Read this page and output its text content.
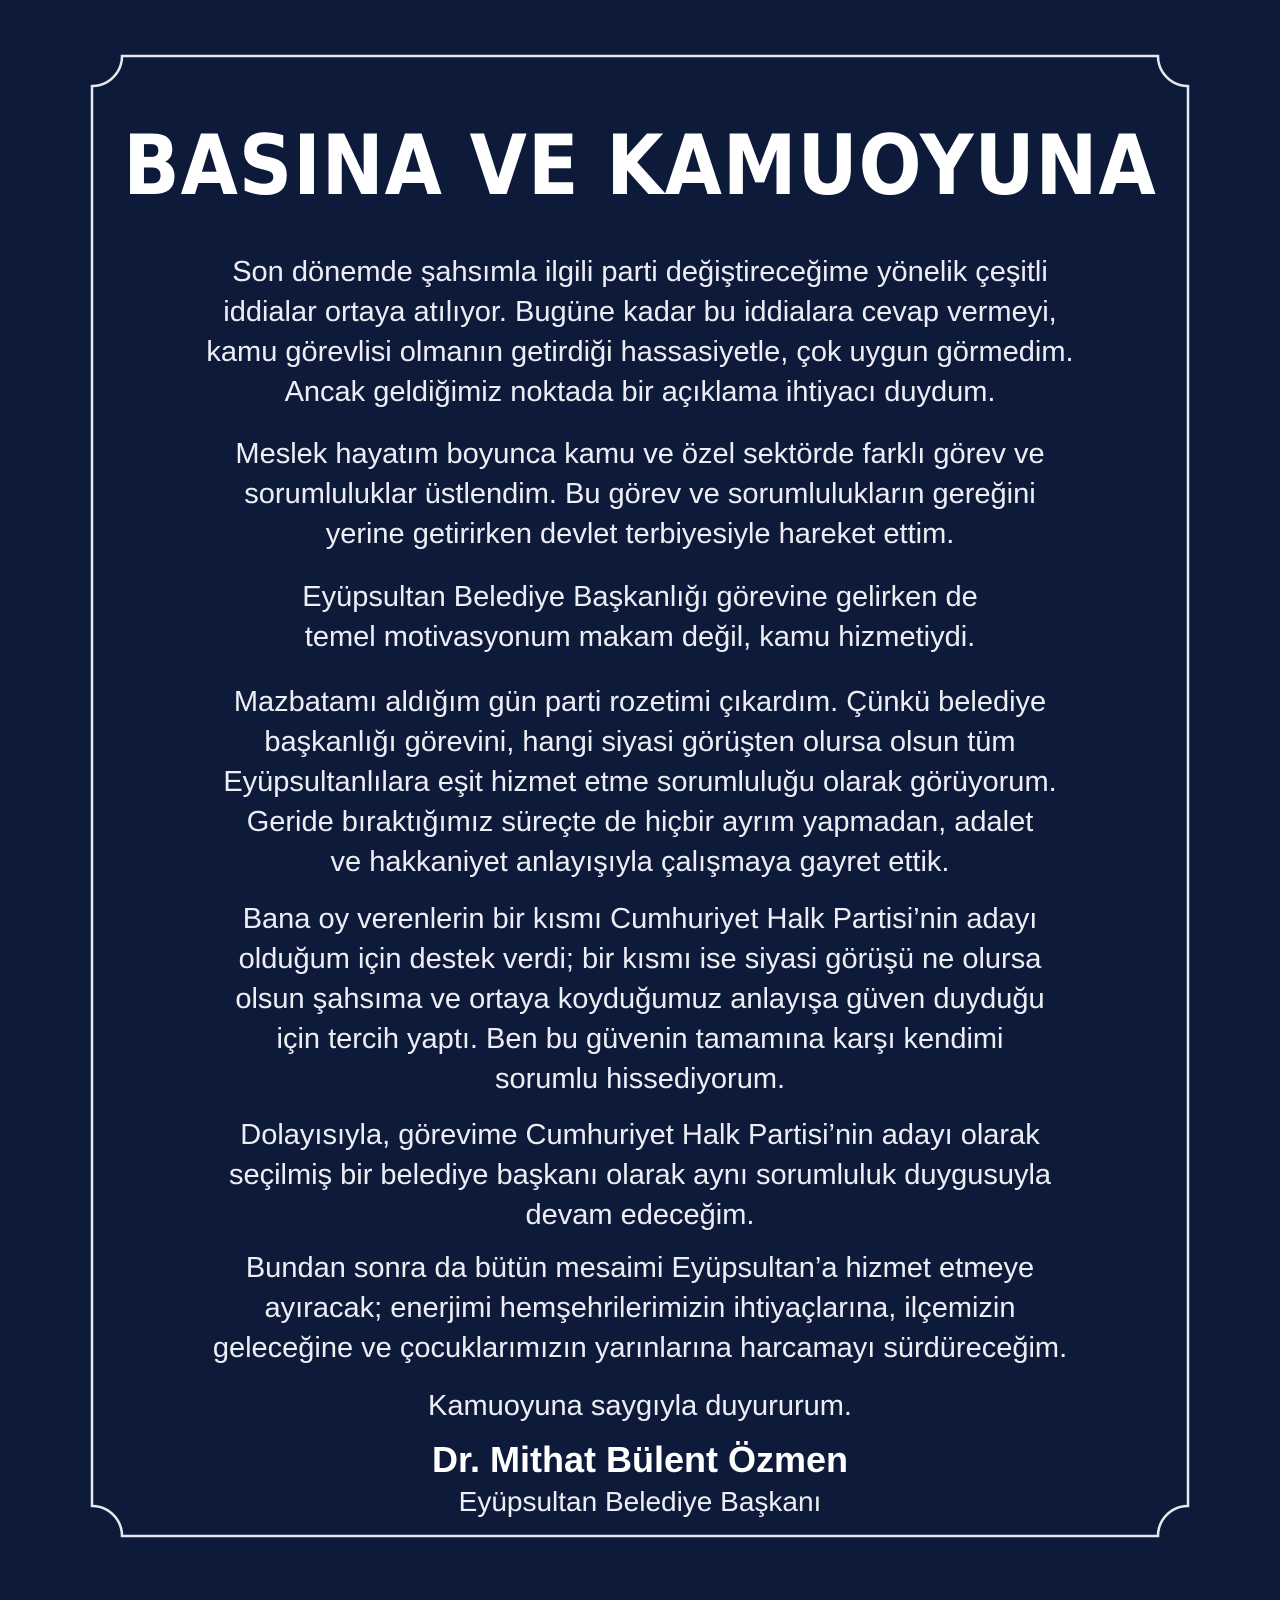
BASINA VE KAMUOYUNA

Son dönemde şahsımla ilgili parti değiştireceğime yönelik çeşitli
iddialar ortaya atılıyor. Bugüne kadar bu iddialara cevap vermeyi,
kamu görevlisi olmanın getirdiği hassasiyetle, çok uygun görmedim.
Ancak geldiğimiz noktada bir açıklama ihtiyacı duydum.

Meslek hayatım boyunca kamu ve özel sektörde farklı görev ve
sorumluluklar üstlendim. Bu görev ve sorumlulukların gereğini
yerine getirirken devlet terbiyesiyle hareket ettim.

Eyüpsultan Belediye Başkanlığı görevine gelirken de
temel motivasyonum makam değil, kamu hizmetiydi.

Mazbatamı aldığım gün parti rozetimi çıkardım. Çünkü belediye
başkanlığı görevini, hangi siyasi görüşten olursa olsun tüm
Eyüpsultanlılara eşit hizmet etme sorumluluğu olarak görüyorum.
Geride bıraktığımız süreçte de hiçbir ayrım yapmadan, adalet
ve hakkaniyet anlayışıyla çalışmaya gayret ettik.

Bana oy verenlerin bir kısmı Cumhuriyet Halk Partisi’nin adayı
olduğum için destek verdi; bir kısmı ise siyasi görüşü ne olursa
olsun şahsıma ve ortaya koyduğumuz anlayışa güven duyduğu
için tercih yaptı. Ben bu güvenin tamamına karşı kendimi
sorumlu hissediyorum.

Dolayısıyla, görevime Cumhuriyet Halk Partisi’nin adayı olarak
seçilmiş bir belediye başkanı olarak aynı sorumluluk duygusuyla
devam edeceğim.

Bundan sonra da bütün mesaimi Eyüpsultan’a hizmet etmeye
ayıracak; enerjimi hemşehrilerimizin ihtiyaçlarına, ilçemizin
geleceğine ve çocuklarımızın yarınlarına harcamayı sürdüreceğim.

Kamuoyuna saygıyla duyururum.

Dr. Mithat Bülent Özmen

Eyüpsultan Belediye Başkanı
